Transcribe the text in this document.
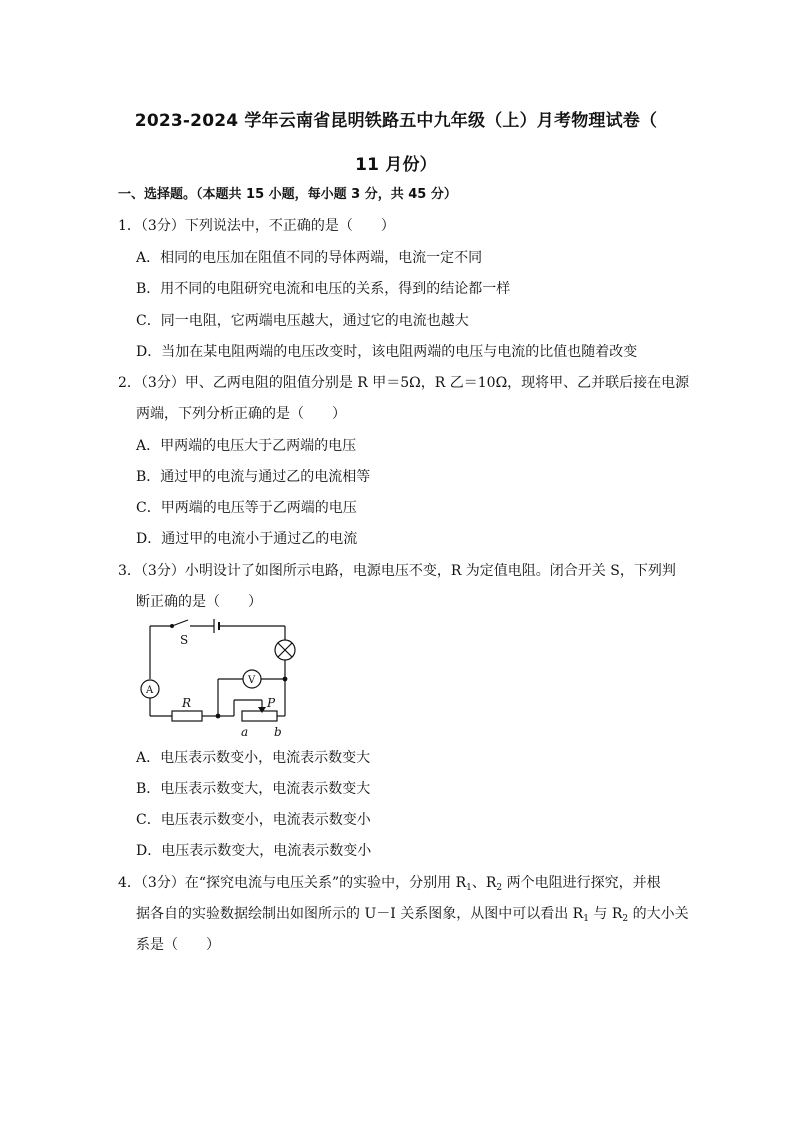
2023-2024 学年云南省昆明铁路五中九年级（上）月考物理试卷（
11 月份）
一、选择题。（本题共 15 小题，每小题 3 分，共 45 分）
1．（3分）下列说法中，不正确的是（　　）
A．相同的电压加在阻值不同的导体两端，电流一定不同
B．用不同的电阻研究电流和电压的关系，得到的结论都一样
C．同一电阻，它两端电压越大，通过它的电流也越大
D．当加在某电阻两端的电压改变时，该电阻两端的电压与电流的比值也随着改变
2．（3分）甲、乙两电阻的阻值分别是 R 甲＝5Ω，R 乙＝10Ω，现将甲、乙并联后接在电源
两端，下列分析正确的是（　　）
A．甲两端的电压大于乙两端的电压
B．通过甲的电流与通过乙的电流相等
C．甲两端的电压等于乙两端的电压
D．通过甲的电流小于通过乙的电流
3．（3分）小明设计了如图所示电路，电源电压不变，R 为定值电阻。闭合开关 S，下列判
断正确的是（　　）
S
A
V
R	P
a b
A．电压表示数变小，电流表示数变大
B．电压表示数变大，电流表示数变大
C．电压表示数变小，电流表示数变小
D．电压表示数变大，电流表示数变小
4．（3分）在“探究电流与电压关系”的实验中，分别用 $R_1$、$R_2$ 两个电阻进行探究，并根
据各自的实验数据绘制出如图所示的 U－I 关系图象，从图中可以看出 $R_1$ 与 $R_2$ 的大小关
系是（　　）
